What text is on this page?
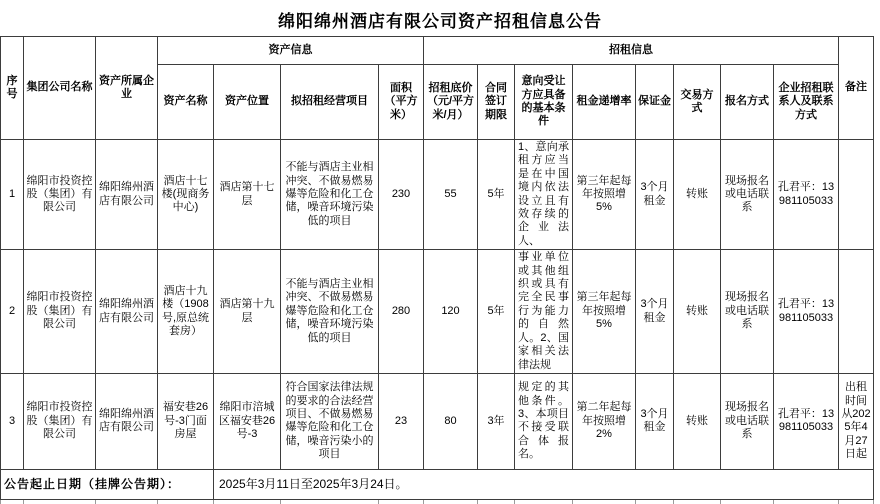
绵阳绵州酒店有限公司资产招租信息公告
序号	集团公司名称	资产所属企业	资产信息				招租信息								备注
			资产名称	资产位置	拟招租经营项目	面积（平方米）	招租底价（元/平方米/月）	合同签订期限	意向受让方应具备的基本条件	租金递增率	保证金	交易方式	报名方式	企业招租联系人及联系方式	
1	绵阳市投资控股（集团）有限公司	绵阳绵州酒店有限公司	酒店十七楼(现商务中心)	酒店第十七层	不能与酒店主业相冲突、不做易燃易爆等危险和化工仓储，噪音环境污染低的项目	230	55	5年	1、意向承租方应当是在中国境内依法设立且有效存续的企业法人、	第三年起每年按照增5%	3个月租金	转账	现场报名或电话联系	孔君平：13981105033	
2	绵阳市投资控股（集团）有限公司	绵阳绵州酒店有限公司	酒店十九楼（1908号,原总统套房）	酒店第十九层	不能与酒店主业相冲突、不做易燃易爆等危险和化工仓储，噪音环境污染低的项目	280	120	5年	事业单位或其他组织或具有完全民事行为能力的自然人。2、国家相关法律法规	第三年起每年按照增5%	3个月租金	转账	现场报名或电话联系	孔君平：13981105033	
3	绵阳市投资控股（集团）有限公司	绵阳绵州酒店有限公司	福安巷26号-3门面房屋	绵阳市涪城区福安巷26号-3	符合国家法律法规的要求的合法经营项目、不做易燃易爆等危险和化工仓储，噪音污染小的项目	23	80	3年	规定的其他条件。3、本项目不接受联合体报名。	第二年起每年按照增2%	3个月租金	转账	现场报名或电话联系	孔君平：13981105033	出租时间从2025年4月27日起
公告起止日期（挂牌公告期）：				2025年3月11日至2025年3月24日。											
